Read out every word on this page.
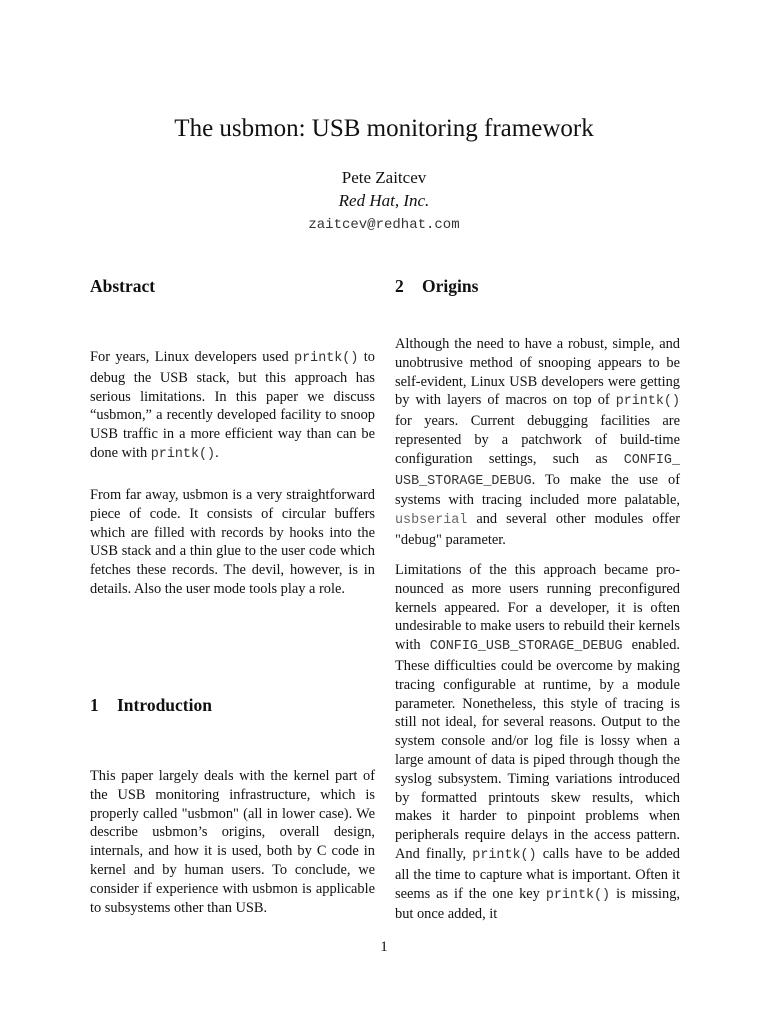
The usbmon: USB monitoring framework
Pete Zaitcev
Red Hat, Inc.
zaitcev@redhat.com
Abstract

For years, Linux developers used printk() to debug the USB stack, but this approach has serious limitations. In this paper we discuss “usbmon,” a recently developed facility to snoop USB traffic in a more efficient way than can be done with printk().

From far away, usbmon is a very straightforward piece of code. It consists of circular buffers which are filled with records by hooks into the USB stack and a thin glue to the user code which fetches these records. The devil, however, is in details. Also the user mode tools play a role.

1 Introduction

This paper largely deals with the kernel part of the USB monitoring infrastructure, which is properly called "usbmon" (all in lower case). We describe usbmon’s origins, overall design, internals, and how it is used, both by C code in kernel and by human users. To conclude, we consider if experience with usbmon is applicable to subsystems other than USB.

2 Origins

Although the need to have a robust, simple, and unobtrusive method of snooping appears to be self-evident, Linux USB developers were getting by with layers of macros on top of printk() for years. Current debugging facilities are represented by a patchwork of build-time configuration settings, such as CONFIG_ USB_STORAGE_DEBUG. To make the use of systems with tracing included more palatable, usbserial and several other modules offer "debug" parameter.

Limitations of the this approach became pronounced as more users running preconfigured kernels appeared. For a developer, it is often undesirable to make users to rebuild their kernels with CONFIG_USB_STORAGE_DEBUG enabled. These difficulties could be overcome by making tracing configurable at runtime, by a module parameter. Nonetheless, this style of tracing is still not ideal, for several reasons. Output to the system console and/or log file is lossy when a large amount of data is piped through though the syslog subsystem. Timing variations introduced by formatted printouts skew results, which makes it harder to pinpoint problems when peripherals require delays in the access pattern. And finally, printk() calls have to be added all the time to capture what is important. Often it seems as if the one key printk() is missing, but once added, it

1
